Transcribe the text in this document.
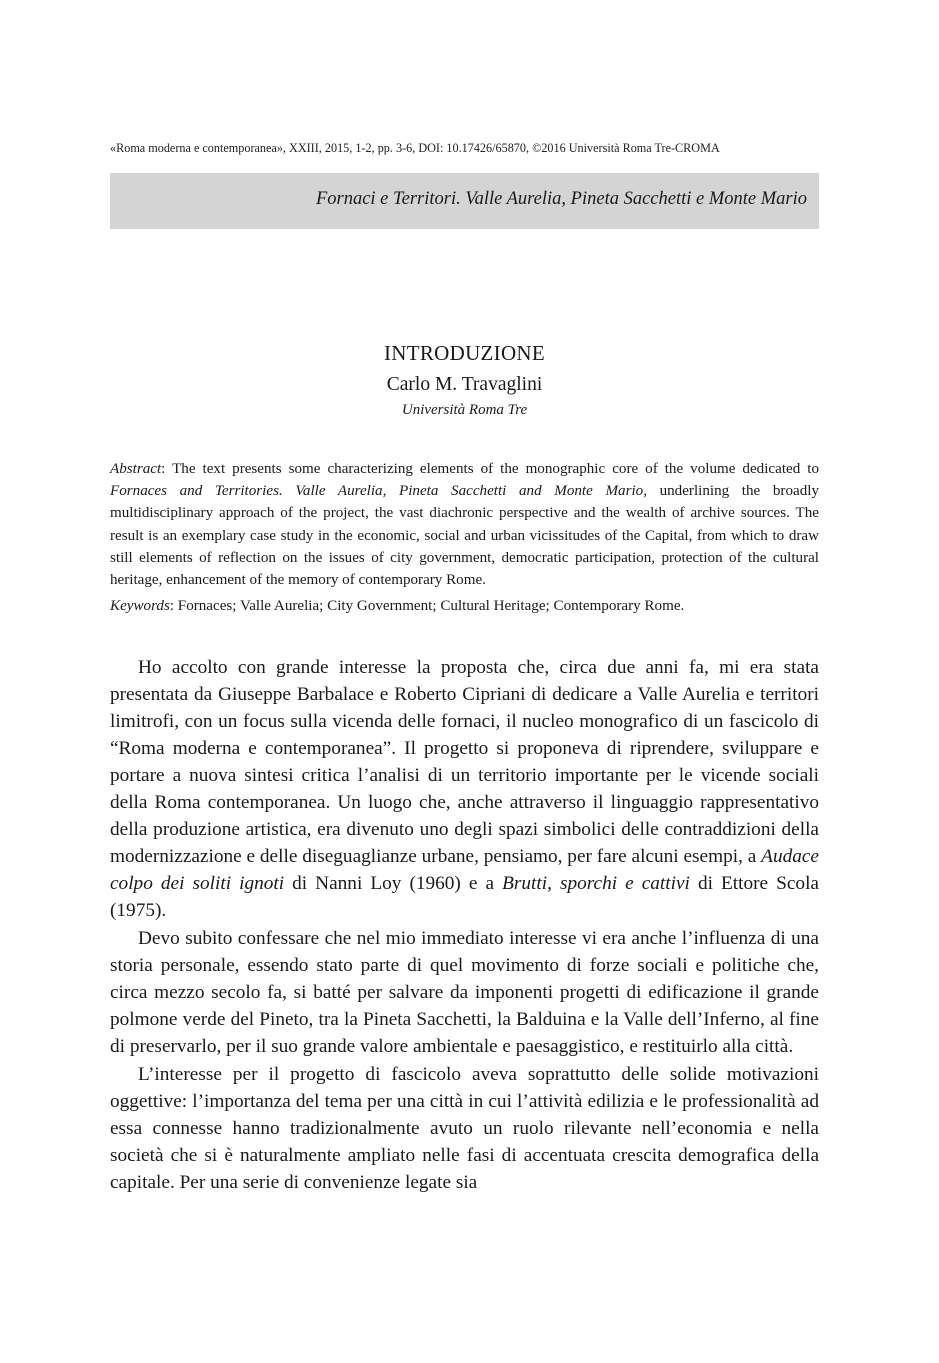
«Roma moderna e contemporanea», XXIII, 2015, 1-2, pp. 3-6, DOI: 10.17426/65870, ©2016 Università Roma Tre-CROMA
Fornaci e Territori. Valle Aurelia, Pineta Sacchetti e Monte Mario
INTRODUZIONE
Carlo M. Travaglini
Università Roma Tre

Abstract: The text presents some characterizing elements of the monographic core of the volume dedicated to Fornaces and Territories. Valle Aurelia, Pineta Sacchetti and Monte Mario, underlining the broadly multidisciplinary approach of the project, the vast diachronic perspective and the wealth of archive sources. The result is an exemplary case study in the economic, social and urban vicissitudes of the Capital, from which to draw still elements of reflection on the issues of city government, democratic participation, protection of the cultural heritage, enhancement of the memory of contemporary Rome.

Keywords: Fornaces; Valle Aurelia; City Government; Cultural Heritage; Contemporary Rome.

Ho accolto con grande interesse la proposta che, circa due anni fa, mi era stata presentata da Giuseppe Barbalace e Roberto Cipriani di dedicare a Valle Aurelia e territori limitrofi, con un focus sulla vicenda delle fornaci, il nucleo monografico di un fascicolo di “Roma moderna e contemporanea”. Il progetto si proponeva di riprendere, sviluppare e portare a nuova sintesi critica l’analisi di un territorio importante per le vicende sociali della Roma contemporanea. Un luogo che, anche attraverso il linguaggio rappresentativo della produzione artistica, era divenuto uno degli spazi simbolici delle contraddizioni della modernizzazione e delle diseguaglianze urbane, pensiamo, per fare alcuni esempi, a Audace colpo dei soliti ignoti di Nanni Loy (1960) e a Brutti, sporchi e cattivi di Ettore Scola (1975).

Devo subito confessare che nel mio immediato interesse vi era anche l’influenza di una storia personale, essendo stato parte di quel movimento di forze sociali e politiche che, circa mezzo secolo fa, si batté per salvare da imponenti progetti di edificazione il grande polmone verde del Pineto, tra la Pineta Sacchetti, la Balduina e la Valle dell’Inferno, al fine di preservarlo, per il suo grande valore ambientale e paesaggistico, e restituirlo alla città.

L’interesse per il progetto di fascicolo aveva soprattutto delle solide motivazioni oggettive: l’importanza del tema per una città in cui l’attività edilizia e le professionalità ad essa connesse hanno tradizionalmente avuto un ruolo rilevante nell’economia e nella società che si è naturalmente ampliato nelle fasi di accentuata crescita demografica della capitale. Per una serie di convenienze legate sia
